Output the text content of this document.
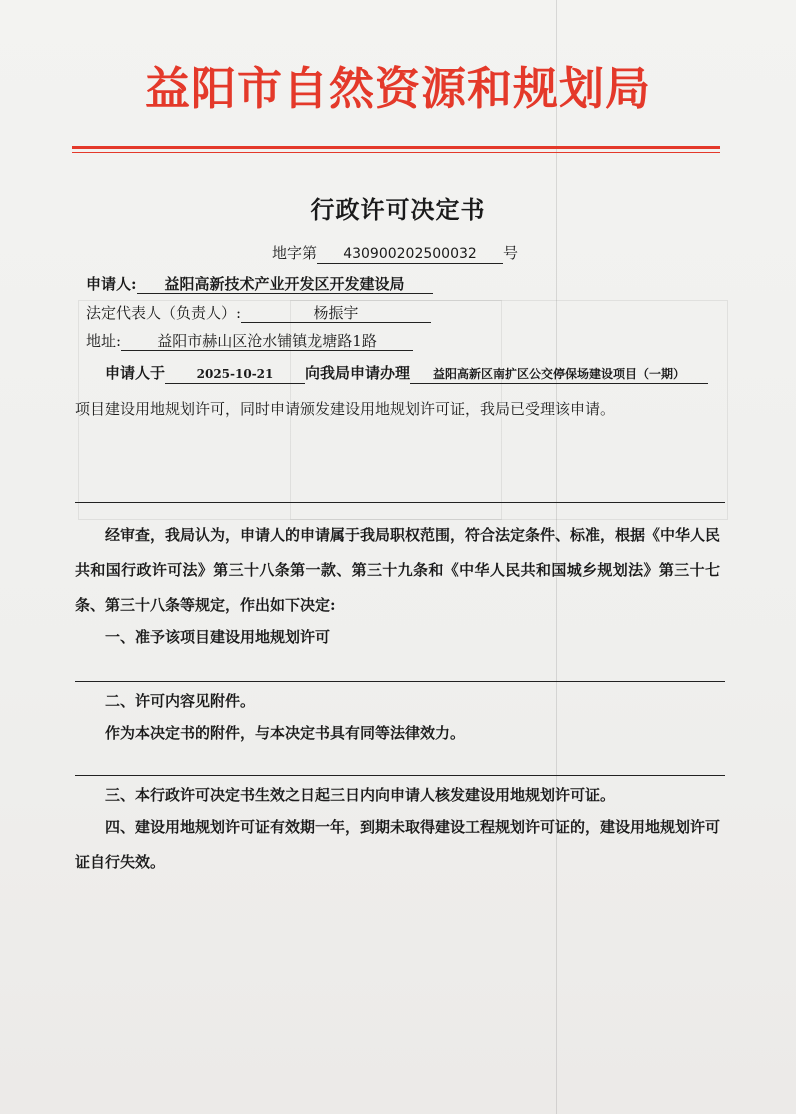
益阳市自然资源和规划局
行政许可决定书
地字第 430900202500032 号
申请人: 益阳高新技术产业开发区开发建设局
法定代表人（负责人）:	杨振宇
地址: 益阳市赫山区沧水铺镇龙塘路1路
申请人于	2025-10-21 向我局申请办理 益阳高新区南扩区公交停保场建设项目（一期）
项目建设用地规划许可，同时申请颁发建设用地规划许可证，我局已受理该申请。
经审查，我局认为，申请人的申请属于我局职权范围，符合法定条件、标准，根据《中华人民共和国行政许可法》第三十八条第一款、第三十九条和《中华人民共和国城乡规划法》第三十七条、第三十八条等规定，作出如下决定:
一、准予该项目建设用地规划许可
二、许可内容见附件。
作为本决定书的附件，与本决定书具有同等法律效力。
三、本行政许可决定书生效之日起三日内向申请人核发建设用地规划许可证。
四、建设用地规划许可证有效期一年，到期未取得建设工程规划许可证的，建设用地规划许可证自行失效。
